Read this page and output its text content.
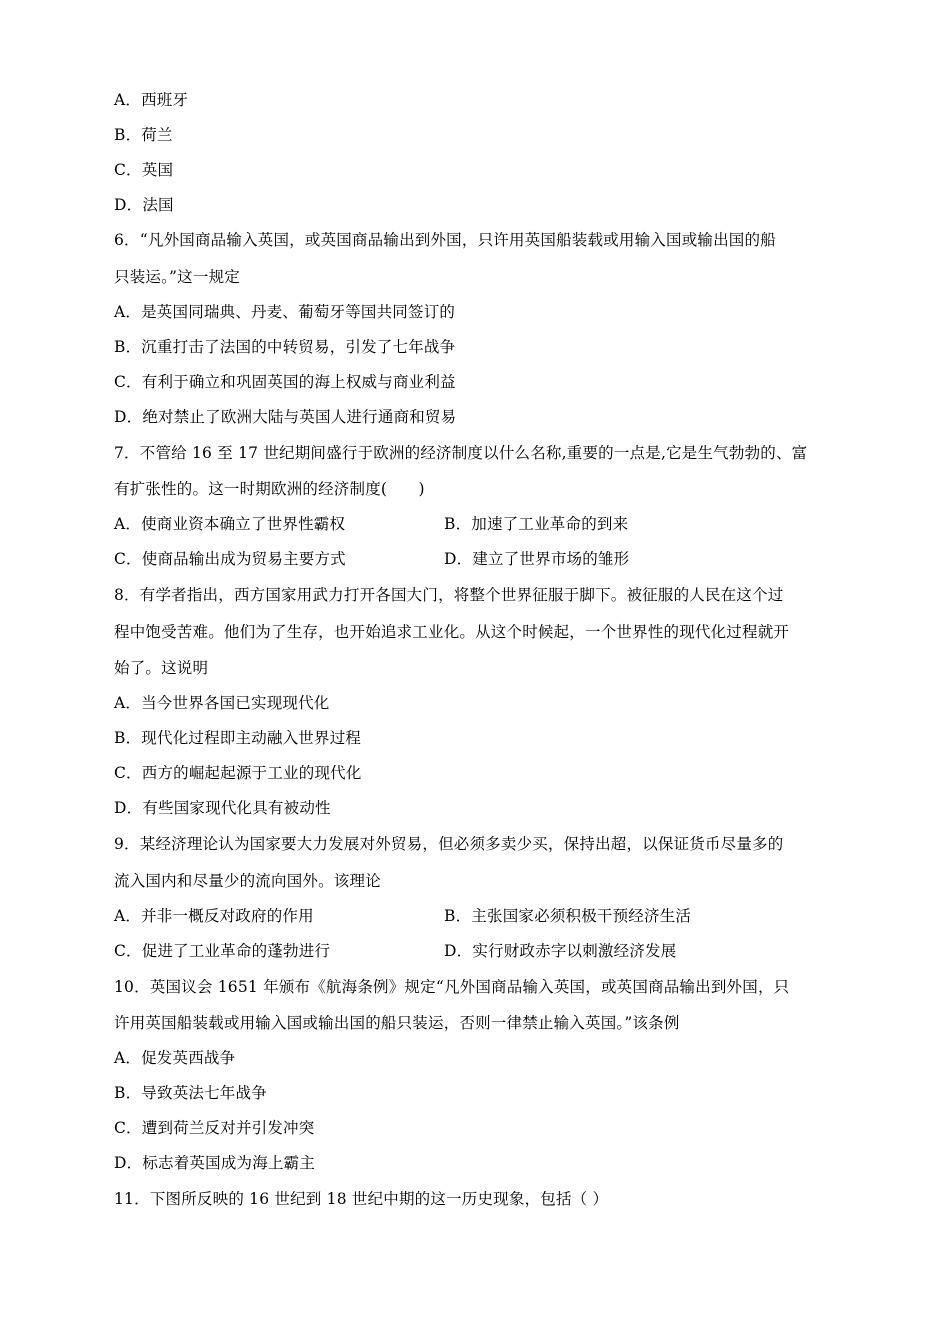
A．西班牙
B．荷兰
C．英国
D．法国
6．“凡外国商品输入英国，或英国商品输出到外国，只许用英国船装载或用输入国或输出国的船
只装运。”这一规定
A．是英国同瑞典、丹麦、葡萄牙等国共同签订的
B．沉重打击了法国的中转贸易，引发了七年战争
C．有利于确立和巩固英国的海上权威与商业利益
D．绝对禁止了欧洲大陆与英国人进行通商和贸易
7．不管给 16 至 17 世纪期间盛行于欧洲的经济制度以什么名称,重要的一点是,它是生气勃勃的、富
有扩张性的。这一时期欧洲的经济制度(　　)
A．使商业资本确立了世界性霸权	B．加速了工业革命的到来
C．使商品输出成为贸易主要方式	D．建立了世界市场的雏形
8．有学者指出，西方国家用武力打开各国大门，将整个世界征服于脚下。被征服的人民在这个过
程中饱受苦难。他们为了生存，也开始追求工业化。从这个时候起，一个世界性的现代化过程就开
始了。这说明
A．当今世界各国已实现现代化
B．现代化过程即主动融入世界过程
C．西方的崛起起源于工业的现代化
D．有些国家现代化具有被动性
9．某经济理论认为国家要大力发展对外贸易，但必须多卖少买，保持出超，以保证货币尽量多的
流入国内和尽量少的流向国外。该理论
A．并非一概反对政府的作用	B．主张国家必须积极干预经济生活
C．促进了工业革命的蓬勃进行	D．实行财政赤字以刺激经济发展
10．英国议会 1651 年颁布《航海条例》规定“凡外国商品输入英国，或英国商品输出到外国，只
许用英国船装载或用输入国或输出国的船只装运，否则一律禁止输入英国。”该条例
A．促发英西战争
B．导致英法七年战争
C．遭到荷兰反对并引发冲突
D．标志着英国成为海上霸主
11．下图所反映的 16 世纪到 18 世纪中期的这一历史现象，包括（ ）
